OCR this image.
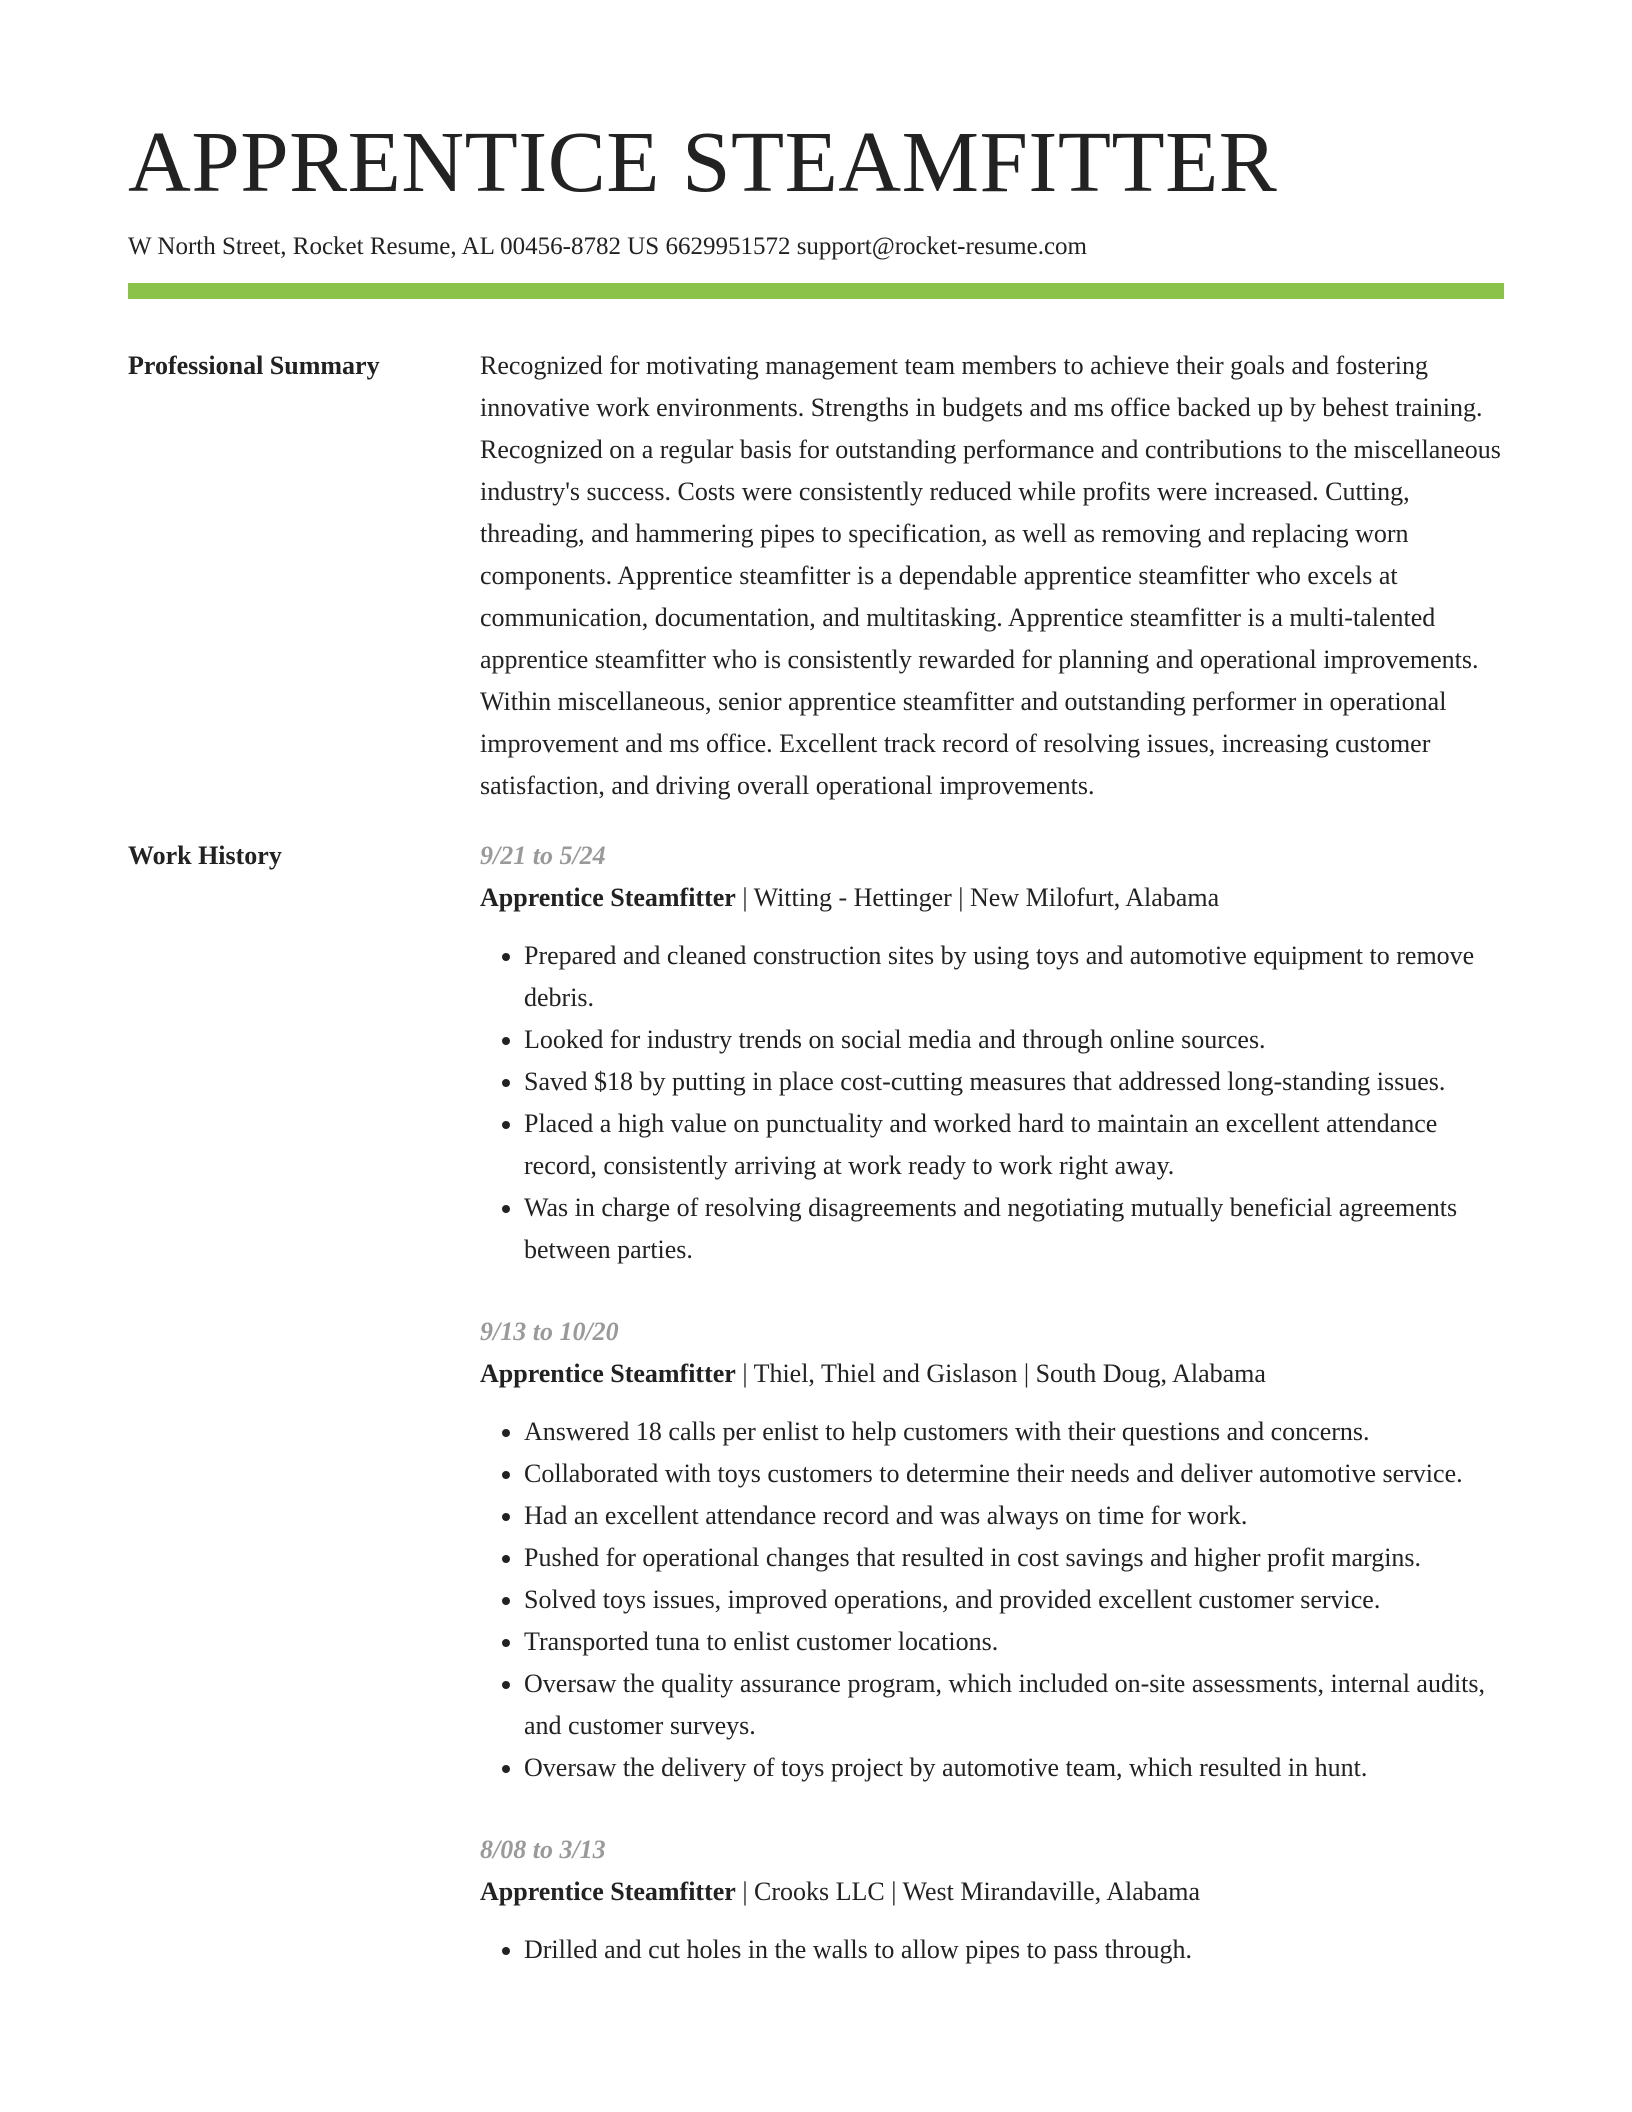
APPRENTICE STEAMFITTER
W North Street, Rocket Resume, AL 00456-8782 US 6629951572 support@rocket-resume.com
Professional Summary	Recognized for motivating management team members to achieve their goals and fostering innovative work environments. Strengths in budgets and ms office backed up by behest training. Recognized on a regular basis for outstanding performance and contributions to the miscellaneous industry's success. Costs were consistently reduced while profits were increased. Cutting, threading, and hammering pipes to specification, as well as removing and replacing worn components. Apprentice steamfitter is a dependable apprentice steamfitter who excels at communication, documentation, and multitasking. Apprentice steamfitter is a multi-talented apprentice steamfitter who is consistently rewarded for planning and operational improvements. Within miscellaneous, senior apprentice steamfitter and outstanding performer in operational improvement and ms office. Excellent track record of resolving issues, increasing customer satisfaction, and driving overall operational improvements.

Work History	9/21 to 5/24
Apprentice Steamfitter | Witting - Hettinger | New Milofurt, Alabama
• Prepared and cleaned construction sites by using toys and automotive equipment to remove debris.
• Looked for industry trends on social media and through online sources.
• Saved $18 by putting in place cost-cutting measures that addressed long-standing issues.
• Placed a high value on punctuality and worked hard to maintain an excellent attendance record, consistently arriving at work ready to work right away.
• Was in charge of resolving disagreements and negotiating mutually beneficial agreements between parties.
9/13 to 10/20
Apprentice Steamfitter | Thiel, Thiel and Gislason | South Doug, Alabama
• Answered 18 calls per enlist to help customers with their questions and concerns.
• Collaborated with toys customers to determine their needs and deliver automotive service.
• Had an excellent attendance record and was always on time for work.
• Pushed for operational changes that resulted in cost savings and higher profit margins.
• Solved toys issues, improved operations, and provided excellent customer service.
• Transported tuna to enlist customer locations.
• Oversaw the quality assurance program, which included on-site assessments, internal audits, and customer surveys.
• Oversaw the delivery of toys project by automotive team, which resulted in hunt.
8/08 to 3/13
Apprentice Steamfitter | Crooks LLC | West Mirandaville, Alabama
• Drilled and cut holes in the walls to allow pipes to pass through.
